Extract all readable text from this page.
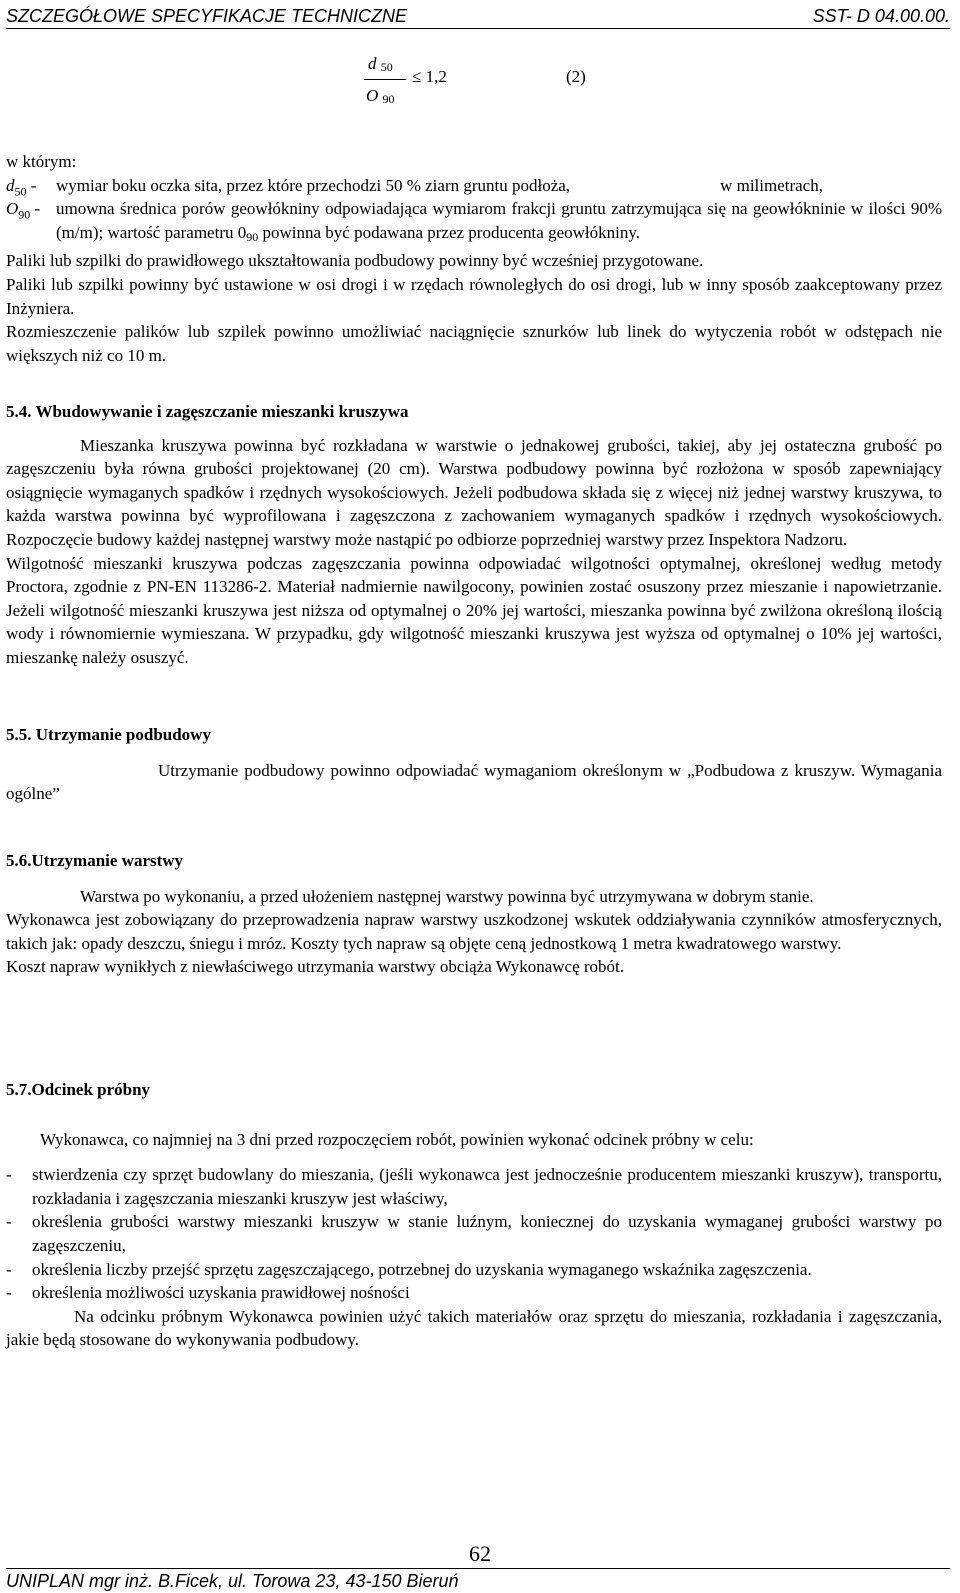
SZCZEGÓŁOWE SPECYFIKACJE TECHNICZNE	SST- D 04.00.00.
d $_{50}$
O $_{90}$
≤ 1,2	(2)

w którym:

$d_{50}$ - wymiar boku oczka sita, przez które przechodzi 50 % ziarn gruntu podłoża,	w milimetrach,

$O_{90}$ - umowna średnica porów geowłókniny odpowiadająca wymiarom frakcji gruntu zatrzymująca się na geowłókninie w ilości 90% (m/m); wartość parametru 090 powinna być podawana przez producenta geowłókniny.

Paliki lub szpilki do prawidłowego ukształtowania podbudowy powinny być wcześniej przygotowane.

Paliki lub szpilki powinny być ustawione w osi drogi i w rzędach równoległych do osi drogi, lub w inny sposób zaakceptowany przez Inżyniera.

Rozmieszczenie palików lub szpilek powinno umożliwiać naciągnięcie sznurków lub linek do wytyczenia robót w odstępach nie większych niż co 10 m.

5.4. Wbudowywanie i zagęszczanie mieszanki kruszywa

Mieszanka kruszywa powinna być rozkładana w warstwie o jednakowej grubości, takiej, aby jej ostateczna grubość po zagęszczeniu była równa grubości projektowanej (20 cm). Warstwa podbudowy powinna być rozłożona w sposób zapewniający osiągnięcie wymaganych spadków i rzędnych wysokościowych. Jeżeli podbudowa składa się z więcej niż jednej warstwy kruszywa, to każda warstwa powinna być wyprofilowana i zagęszczona z zachowaniem wymaganych spadków i rzędnych wysokościowych. Rozpoczęcie budowy każdej następnej warstwy może nastąpić po odbiorze poprzedniej warstwy przez Inspektora Nadzoru.

Wilgotność mieszanki kruszywa podczas zagęszczania powinna odpowiadać wilgotności optymalnej, określonej według metody Proctora, zgodnie z PN-EN 113286-2. Materiał nadmiernie nawilgocony, powinien zostać osuszony przez mieszanie i napowietrzanie. Jeżeli wilgotność mieszanki kruszywa jest niższa od optymalnej o 20% jej wartości, mieszanka powinna być zwilżona określoną ilością wody i równomiernie wymieszana. W przypadku, gdy wilgotność mieszanki kruszywa jest wyższa od optymalnej o 10% jej wartości, mieszankę należy osuszyć.

5.5. Utrzymanie podbudowy

Utrzymanie podbudowy powinno odpowiadać wymaganiom określonym w „Podbudowa z kruszyw. Wymagania ogólne”

5.6.Utrzymanie warstwy

Warstwa po wykonaniu, a przed ułożeniem następnej warstwy powinna być utrzymywana w dobrym stanie.

Wykonawca jest zobowiązany do przeprowadzenia napraw warstwy uszkodzonej wskutek oddziaływania czynników atmosferycznych, takich jak: opady deszczu, śniegu i mróz. Koszty tych napraw są objęte ceną jednostkową 1 metra kwadratowego warstwy.

Koszt napraw wynikłych z niewłaściwego utrzymania warstwy obciąża Wykonawcę robót.

5.7.Odcinek próbny

Wykonawca, co najmniej na 3 dni przed rozpoczęciem robót, powinien wykonać odcinek próbny w celu:

- stwierdzenia czy sprzęt budowlany do mieszania, (jeśli wykonawca jest jednocześnie producentem mieszanki kruszyw), transportu, rozkładania i zagęszczania mieszanki kruszyw jest właściwy,

- określenia grubości warstwy mieszanki kruszyw w stanie luźnym, koniecznej do uzyskania wymaganej grubości warstwy po zagęszczeniu,

- określenia liczby przejść sprzętu zagęszczającego, potrzebnej do uzyskania wymaganego wskaźnika zagęszczenia.

- określenia możliwości uzyskania prawidłowej nośności

Na odcinku próbnym Wykonawca powinien użyć takich materiałów oraz sprzętu do mieszania, rozkładania i zagęszczania, jakie będą stosowane do wykonywania podbudowy.

62
UNIPLAN mgr inż. B.Ficek, ul. Torowa 23, 43-150 Bieruń
